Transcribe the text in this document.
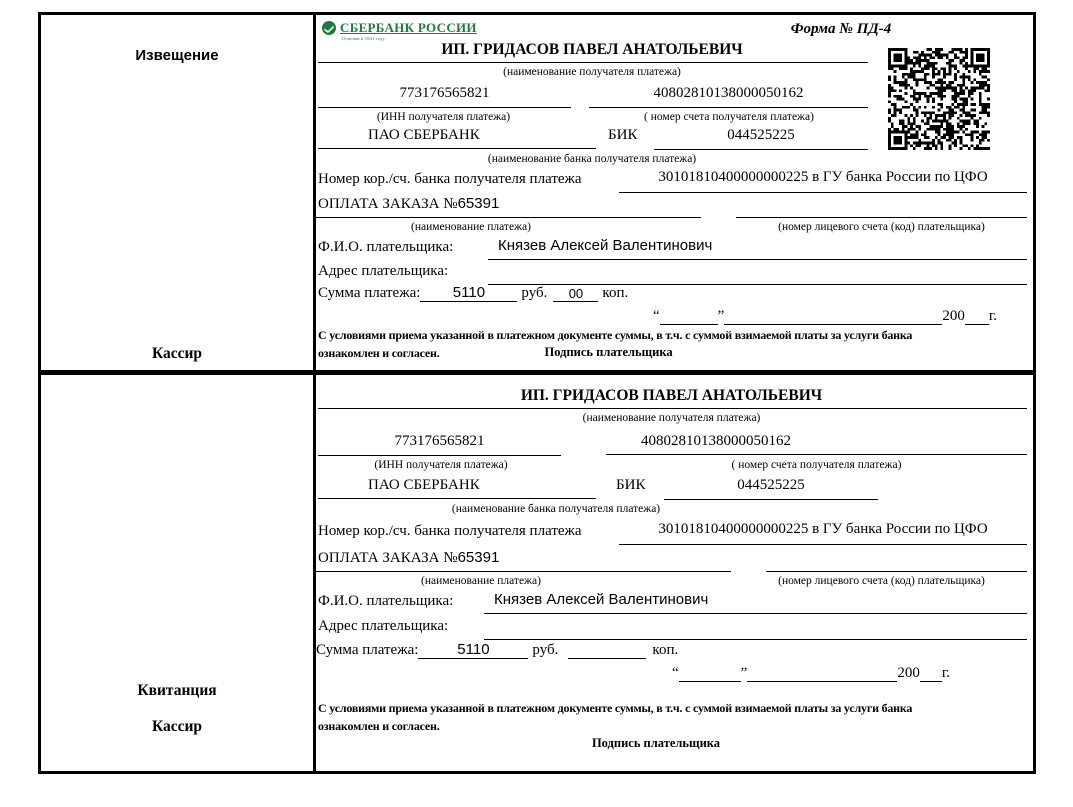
Извещение
Кассир
СБЕРБАНК РОССИИ
Основан в 1841 году
Форма № ПД-4
ИП. ГРИДАСОВ ПАВЕЛ АНАТОЛЬЕВИЧ
(наименование получателя платежа)
773176565821	40802810138000050162
(ИНН получателя платежа)	( номер счета получателя платежа)
ПАО СБЕРБАНК	БИК	044525225
(наименование банка получателя платежа)
Номер кор./сч. банка получателя платежа	30101810400000000225 в ГУ банка России по ЦФО
ОПЛАТА ЗАКАЗА №65391
(наименование платежа)	(номер лицевого счета (код) плательщика)
Ф.И.О. плательщика:	Князев Алексей Валентинович
Адрес плательщика:
Сумма платежа:	5110	руб.	00	коп.
“	”	200 г.
С условиями приема указанной в платежном документе суммы, в т.ч. с суммой взимаемой платы за услуги банка
ознакомлен и согласен.	Подпись плательщика
Квитанция
Кассир
ИП. ГРИДАСОВ ПАВЕЛ АНАТОЛЬЕВИЧ
(наименование получателя платежа)
773176565821	40802810138000050162
(ИНН получателя платежа)	( номер счета получателя платежа)
ПАО СБЕРБАНК	БИК	044525225
(наименование банка получателя платежа)
Номер кор./сч. банка получателя платежа	30101810400000000225 в ГУ банка России по ЦФО
ОПЛАТА ЗАКАЗА №65391
(наименование платежа)	(номер лицевого счета (код) плательщика)
Ф.И.О. плательщика:	Князев Алексей Валентинович
Адрес плательщика:
Сумма платежа:	5110	руб.	коп.
“	”	200 г.
С условиями приема указанной в платежном документе суммы, в т.ч. с суммой взимаемой платы за услуги банка
ознакомлен и согласен.
Подпись плательщика
